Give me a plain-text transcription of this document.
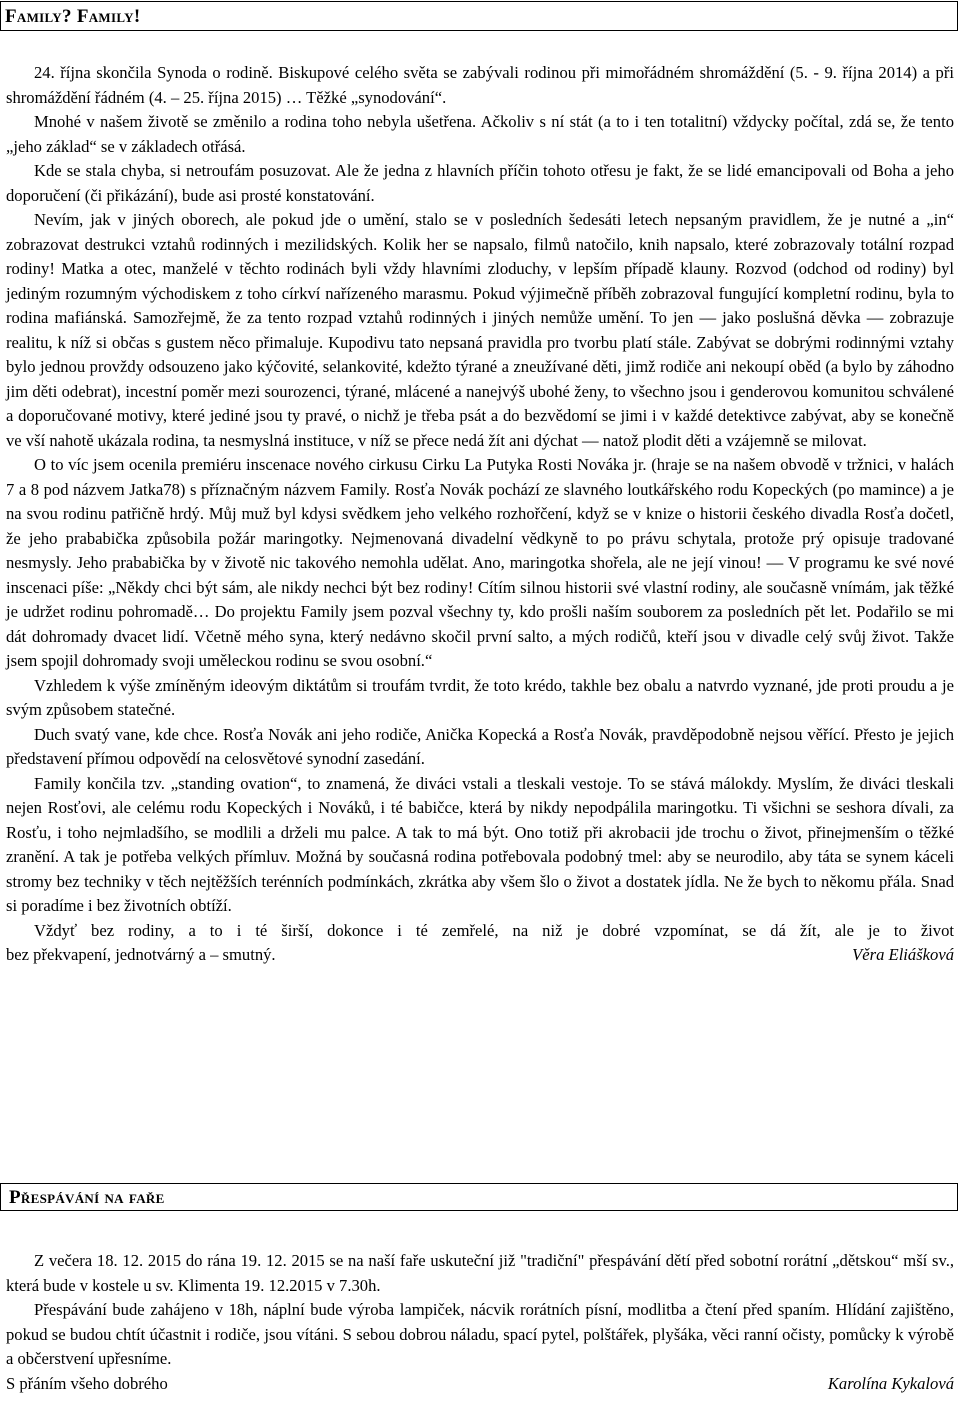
Family? Family!

24. října skončila Synoda o rodině. Biskupové celého světa se zabývali rodinou při mimořádném shromáždění (5. - 9. října 2014) a při shromáždění řádném (4. – 25. října 2015) … Těžké „synodování“.

Mnohé v našem životě se změnilo a rodina toho nebyla ušetřena. Ačkoliv s ní stát (a to i ten totalitní) vždycky počítal, zdá se, že tento „jeho základ“ se v základech otřásá.

Kde se stala chyba, si netroufám posuzovat. Ale že jedna z hlavních příčin tohoto otřesu je fakt, že se lidé emancipovali od Boha a jeho doporučení (či přikázání), bude asi prosté konstatování.

Nevím, jak v jiných oborech, ale pokud jde o umění, stalo se v posledních šedesáti letech nepsaným pravidlem, že je nutné a „in“ zobrazovat destrukci vztahů rodinných i mezilidských. Kolik her se napsalo, filmů natočilo, knih napsalo, které zobrazovaly totální rozpad rodiny! Matka a otec, manželé v těchto rodinách byli vždy hlavními zloduchy, v lepším případě klauny. Rozvod (odchod od rodiny) byl jediným rozumným východiskem z toho církví nařízeného marasmu. Pokud výjimečně příběh zobrazoval fungující kompletní rodinu, byla to rodina mafiánská. Samozřejmě, že za tento rozpad vztahů rodinných i jiných nemůže umění. To jen — jako poslušná děvka — zobrazuje realitu, k níž si občas s gustem něco přimaluje. Kupodivu tato nepsaná pravidla pro tvorbu platí stále. Zabývat se dobrými rodinnými vztahy bylo jednou provždy odsouzeno jako kýčovité, selankovité, kdežto týrané a zneužívané děti, jimž rodiče ani nekoupí oběd (a bylo by záhodno jim děti odebrat), incestní poměr mezi sourozenci, týrané, mlácené a nanejvýš ubohé ženy, to všechno jsou i genderovou komunitou schválené a doporučované motivy, které jediné jsou ty pravé, o nichž je třeba psát a do bezvědomí se jimi i v každé detektivce zabývat, aby se konečně ve vší nahotě ukázala rodina, ta nesmyslná instituce, v níž se přece nedá žít ani dýchat — natož plodit děti a vzájemně se milovat.

O to víc jsem ocenila premiéru inscenace nového cirkusu Cirku La Putyka Rosti Nováka jr. (hraje se na našem obvodě v tržnici, v halách 7 a 8 pod názvem Jatka78) s příznačným názvem Family. Rosťa Novák pochází ze slavného loutkářského rodu Kopeckých (po mamince) a je na svou rodinu patřičně hrdý. Můj muž byl kdysi svědkem jeho velkého rozhořčení, když se v knize o historii českého divadla Rosťa dočetl, že jeho prababička způsobila požár maringotky. Nejmenovaná divadelní vědkyně to po právu schytala, protože prý opisuje tradované nesmysly. Jeho prababička by v životě nic takového nemohla udělat. Ano, maringotka shořela, ale ne její vinou! — V programu ke své nové inscenaci píše: „Někdy chci být sám, ale nikdy nechci být bez rodiny! Cítím silnou historii své vlastní rodiny, ale současně vnímám, jak těžké je udržet rodinu pohromadě… Do projektu Family jsem pozval všechny ty, kdo prošli naším souborem za posledních pět let. Podařilo se mi dát dohromady dvacet lidí. Včetně mého syna, který nedávno skočil první salto, a mých rodičů, kteří jsou v divadle celý svůj život. Takže jsem spojil dohromady svoji uměleckou rodinu se svou osobní.“

Vzhledem k výše zmíněným ideovým diktátům si troufám tvrdit, že toto krédo, takhle bez obalu a natvrdo vyznané, jde proti proudu a je svým způsobem statečné.

Duch svatý vane, kde chce. Rosťa Novák ani jeho rodiče, Anička Kopecká a Rosťa Novák, pravděpodobně nejsou věřící. Přesto je jejich představení přímou odpovědí na celosvětové synodní zasedání.

Family končila tzv. „standing ovation“, to znamená, že diváci vstali a tleskali vestoje. To se stává málokdy. Myslím, že diváci tleskali nejen Rosťovi, ale celému rodu Kopeckých i Nováků, i té babičce, která by nikdy nepodpálila maringotku. Ti všichni se seshora dívali, za Rosťu, i toho nejmladšího, se modlili a drželi mu palce. A tak to má být. Ono totiž při akrobacii jde trochu o život, přinejmenším o těžké zranění. A tak je potřeba velkých přímluv. Možná by současná rodina potřebovala podobný tmel: aby se neurodilo, aby táta se synem káceli stromy bez techniky v těch nejtěžších terénních podmínkách, zkrátka aby všem šlo o život a dostatek jídla. Ne že bych to někomu přála. Snad si poradíme i bez životních obtíží.

Vždyť bez rodiny, a to i té širší, dokonce i té zemřelé, na niž je dobré vzpomínat, se dá žít, ale je to život

bez překvapení, jednotvárný a – smutný.	Věra Eliášková
Přespávání na faře

Z večera 18. 12. 2015 do rána 19. 12. 2015 se na naší faře uskuteční již "tradiční" přespávání dětí před sobotní rorátní „dětskou“ mší sv., která bude v kostele u sv. Klimenta 19. 12.2015 v 7.30h.

Přespávání bude zahájeno v 18h, náplní bude výroba lampiček, nácvik rorátních písní, modlitba a čtení před spaním. Hlídání zajištěno, pokud se budou chtít účastnit i rodiče, jsou vítáni. S sebou dobrou náladu, spací pytel, polštářek, plyšáka, věci ranní očisty, pomůcky k výrobě a občerstvení upřesníme.

S přáním všeho dobrého	Karolína Kykalová
